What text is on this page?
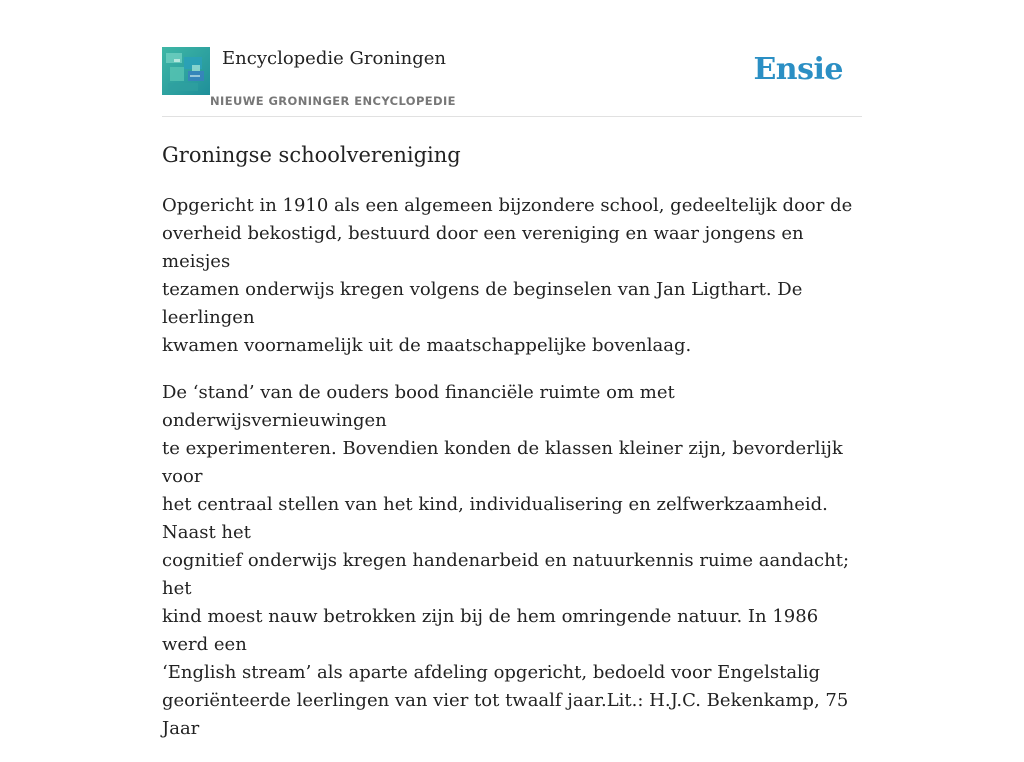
Encyclopedie Groningen
NIEUWE GRONINGER ENCYCLOPEDIE
Ensie
Groningse schoolvereniging

Opgericht in 1910 als een algemeen bijzondere school, gedeeltelijk door de
overheid bekostigd, bestuurd door een vereniging en waar jongens en meisjes
tezamen onderwijs kregen volgens de beginselen van Jan Ligthart. De leerlingen
kwamen voornamelijk uit de maatschappelijke bovenlaag.

De ‘stand’ van de ouders bood financiële ruimte om met onderwijsvernieuwingen
te experimenteren. Bovendien konden de klassen kleiner zijn, bevorderlijk voor
het centraal stellen van het kind, individualisering en zelfwerkzaamheid. Naast het
cognitief onderwijs kregen handenarbeid en natuurkennis ruime aandacht; het
kind moest nauw betrokken zijn bij de hem omringende natuur. In 1986 werd een
‘English stream’ als aparte afdeling opgericht, bedoeld voor Engelstalig
georiënteerde leerlingen van vier tot twaalf jaar.Lit.: H.J.C. Bekenkamp, 75 Jaar
